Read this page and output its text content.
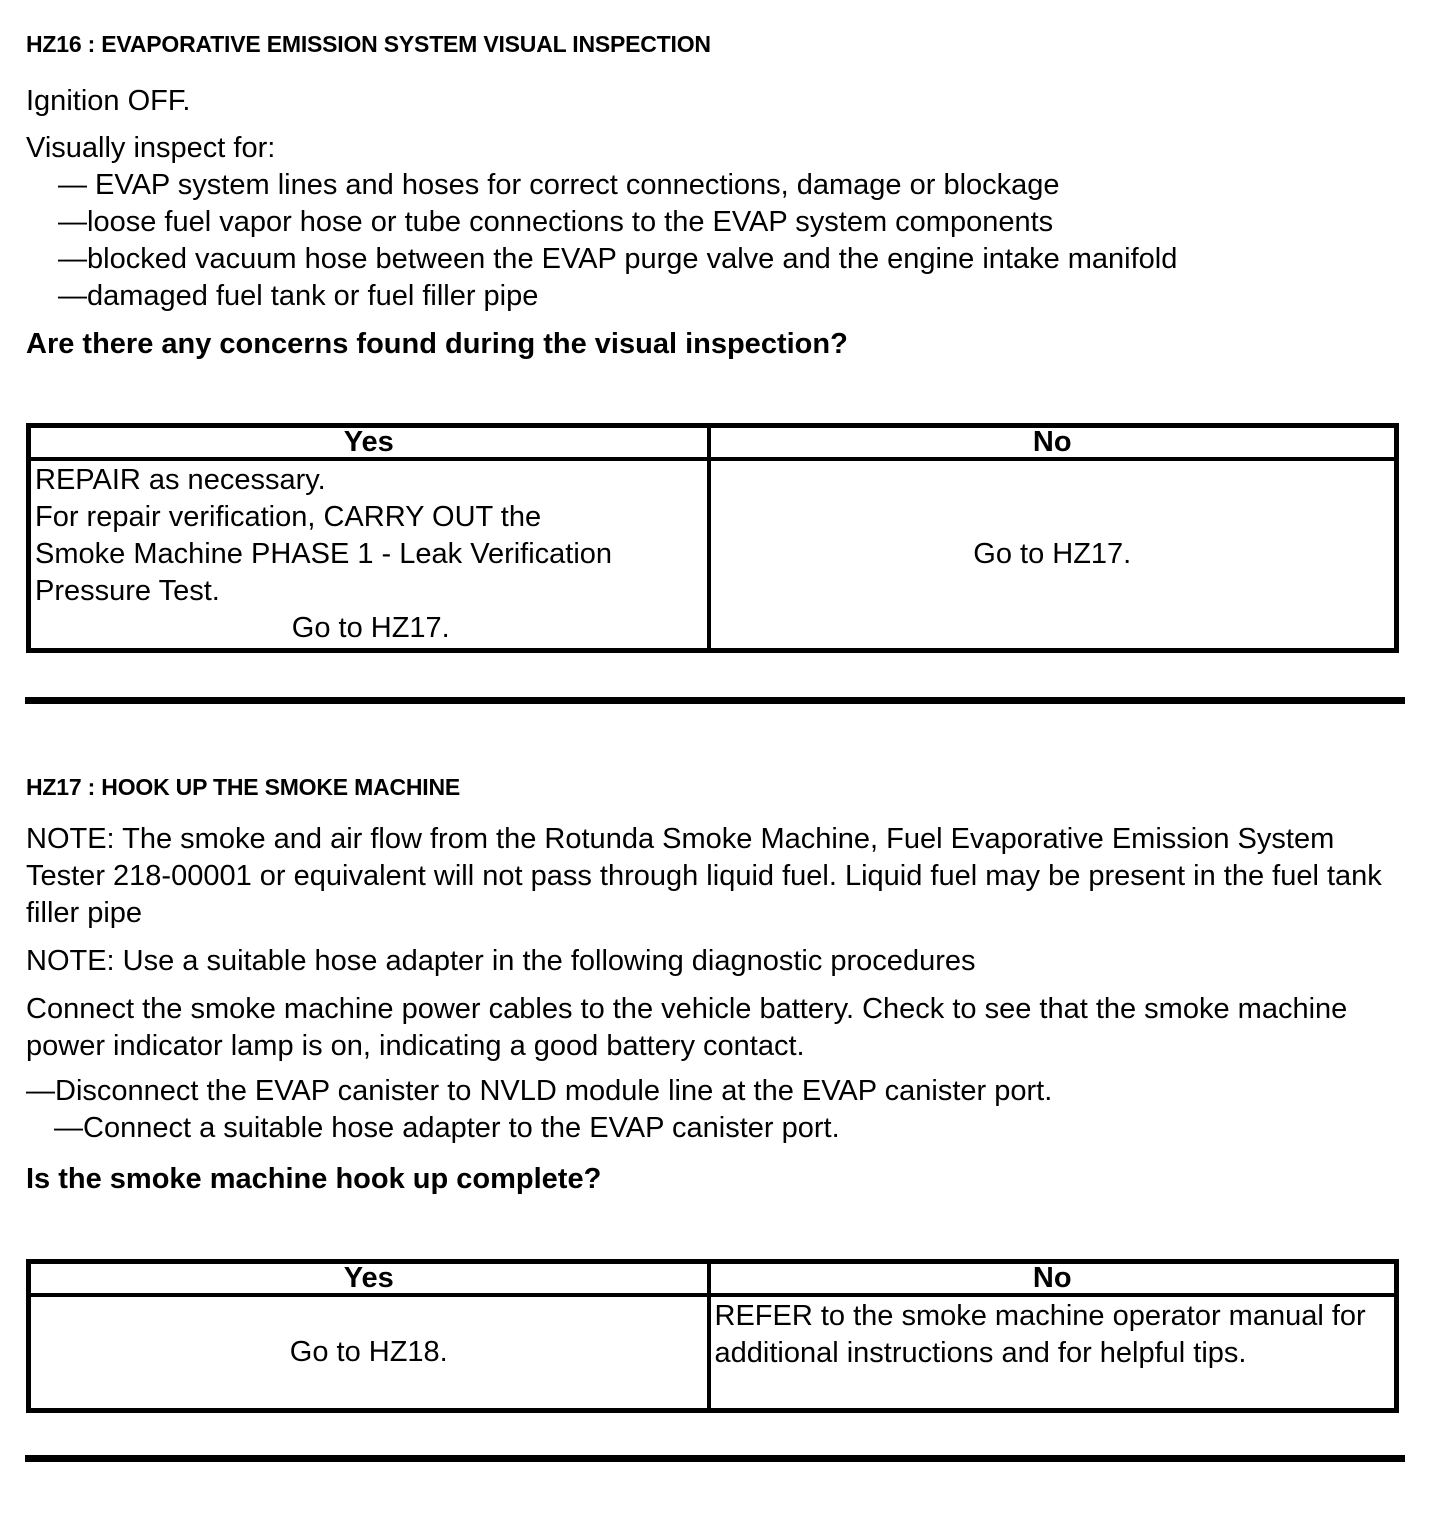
HZ16 : EVAPORATIVE EMISSION SYSTEM VISUAL INSPECTION
Ignition OFF.
Visually inspect for:
— EVAP system lines and hoses for correct connections, damage or blockage
—loose fuel vapor hose or tube connections to the EVAP system components
—blocked vacuum hose between the EVAP purge valve and the engine intake manifold
—damaged fuel tank or fuel filler pipe
Are there any concerns found during the visual inspection?
Yes	No

REPAIR as necessary.
For repair verification, CARRY OUT the
Smoke Machine PHASE 1 - Leak Verification
Pressure Test.
Go to HZ17.	Go to HZ17.
HZ17 : HOOK UP THE SMOKE MACHINE
NOTE: The smoke and air flow from the Rotunda Smoke Machine, Fuel Evaporative Emission System Tester 218-00001 or equivalent will not pass through liquid fuel. Liquid fuel may be present in the fuel tank filler pipe
NOTE: Use a suitable hose adapter in the following diagnostic procedures
Connect the smoke machine power cables to the vehicle battery. Check to see that the smoke machine power indicator lamp is on, indicating a good battery contact.
—Disconnect the EVAP canister to NVLD module line at the EVAP canister port.
—Connect a suitable hose adapter to the EVAP canister port.
Is the smoke machine hook up complete?
Yes	No
Go to HZ18.	REFER to the smoke machine operator manual for additional instructions and for helpful tips.
